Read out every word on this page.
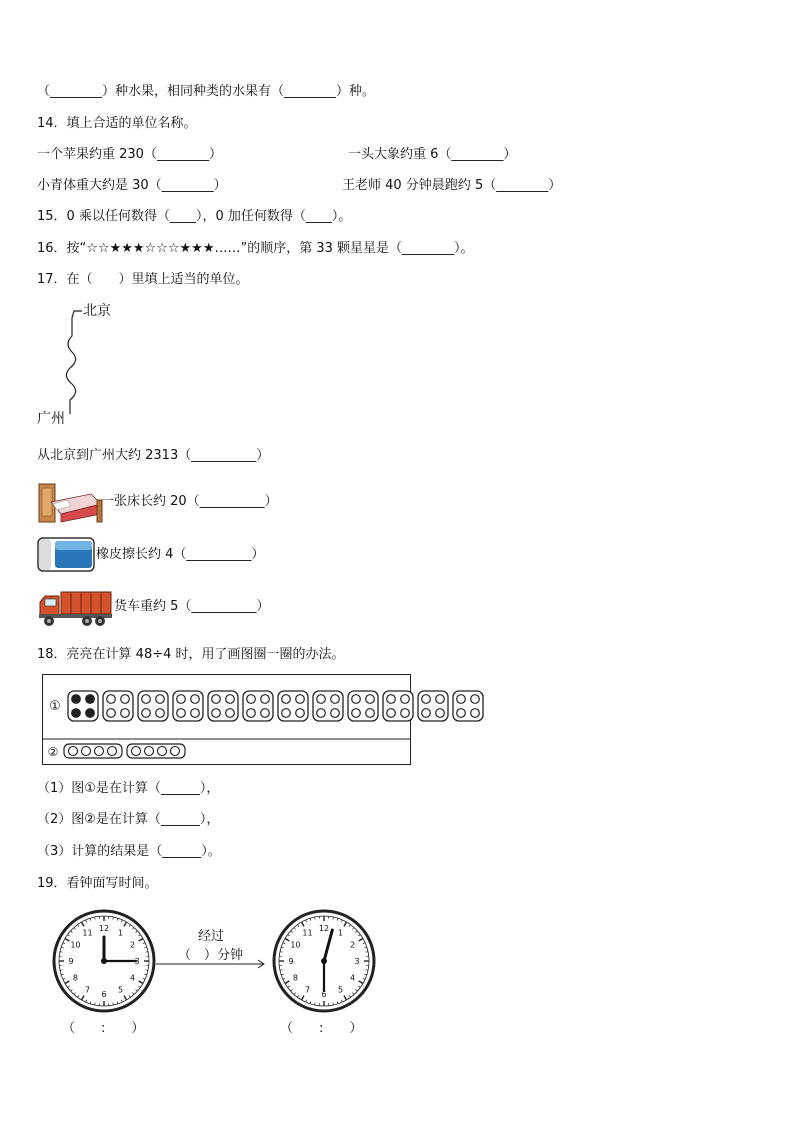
（________）种水果，相同种类的水果有（________）种。
14．填上合适的单位名称。
一个苹果约重 230（________）	一头大象约重 6（________）
小青体重大约是 30（________）	王老师 40 分钟晨跑约 5（________）
15．0 乘以任何数得（____），0 加任何数得（____）。
16．按“☆☆★★★☆☆☆★★★……”的顺序，第 33 颗星星是（________）。
17．在（　　）里填上适当的单位。
北京
广州
从北京到广州大约 2313（__________）
一张床长约 20（__________）
橡皮擦长约 4（__________）
货车重约 5（__________）
18．亮亮在计算 48÷4 时，用了画图圈一圈的办法。
①
②
（1）图①是在计算（______），
（2）图②是在计算（______），
（3）计算的结果是（______）。
19．看钟面写时间。
12 1
2
3
4
5
6
7
8
9
10
11	12 1
2
3
4
5
6
7
8
9
10
11
经过
（　）分钟
（　　:　　）	（　　:　　）
